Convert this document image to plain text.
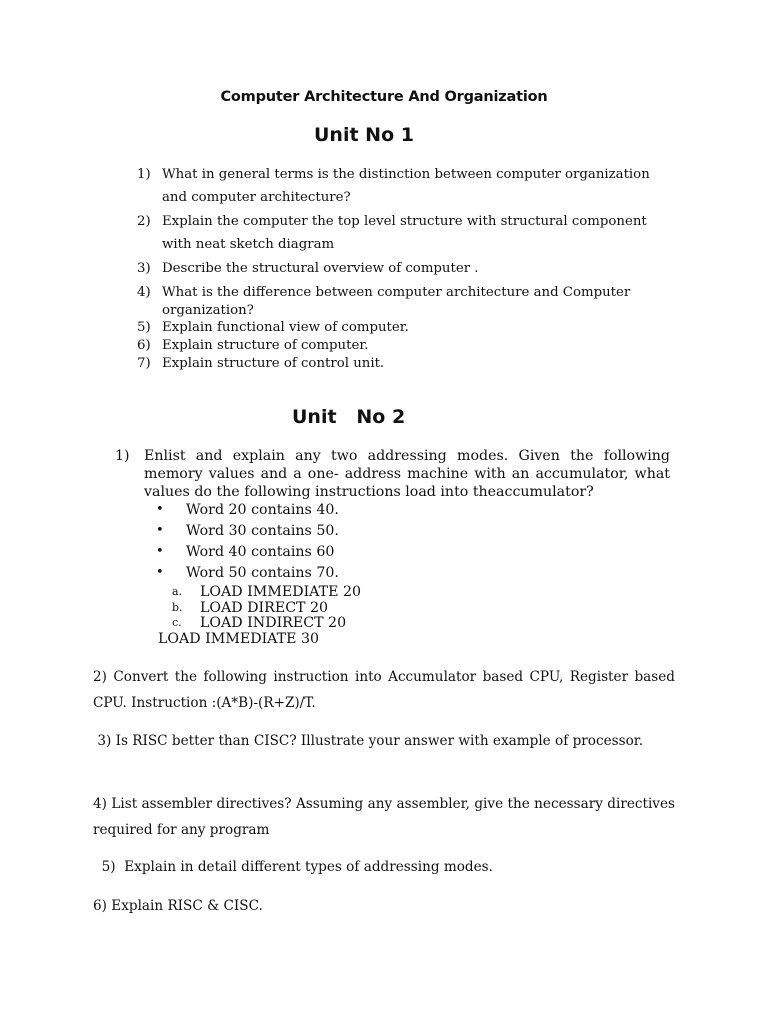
Computer Architecture And Organization
Unit No 1
1) What in general terms is the distinction between computer organization
and computer architecture?
2) Explain the computer the top level structure with structural component
with neat sketch diagram
3) Describe the structural overview of computer .
4) What is the difference between computer architecture and Computer
organization?
5) Explain functional view of computer.
6) Explain structure of computer.
7) Explain structure of control unit.
Unit   No 2
1) Enlist and explain any two addressing modes. Given the following memory values and a one- address machine with an accumulator, what values do the following instructions load into theaccumulator?
• Word 20 contains 40.
• Word 30 contains 50.
• Word 40 contains 60
• Word 50 contains 70.
a. LOAD IMMEDIATE 20
b. LOAD DIRECT 20
c. LOAD INDIRECT 20
LOAD IMMEDIATE 30
2) Convert the following instruction into Accumulator based CPU, Register based CPU. Instruction :(A*B)-(R+Z)/T.
3) Is RISC better than CISC? Illustrate your answer with example of processor.
4) List assembler directives? Assuming any assembler, give the necessary directives required for any program
5)  Explain in detail different types of addressing modes.
6) Explain RISC & CISC.
